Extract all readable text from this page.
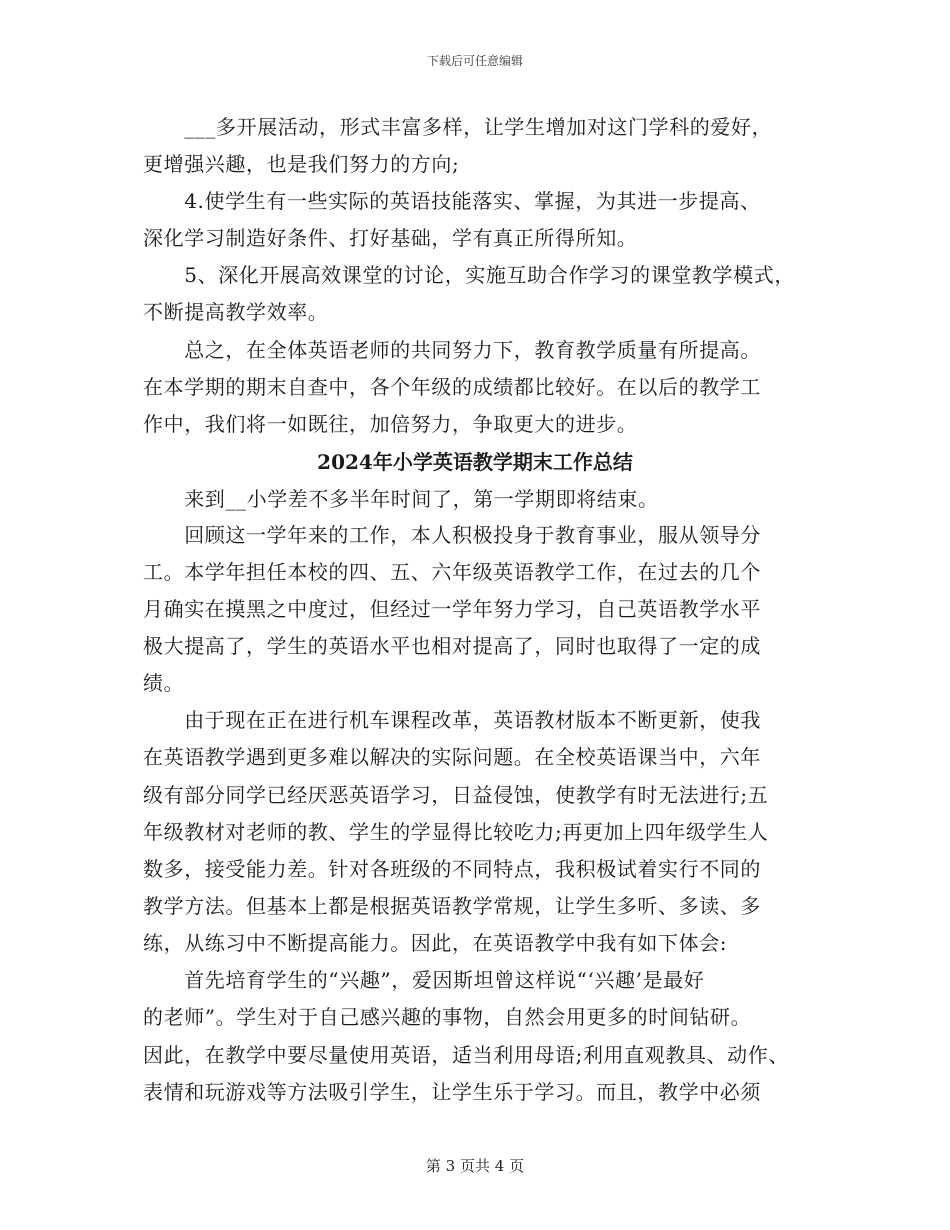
下载后可任意编辑
　　___多开展活动，形式丰富多样，让学生增加对这门学科的爱好，
更增强兴趣，也是我们努力的方向;
　　4.使学生有一些实际的英语技能落实、掌握，为其进一步提高、
深化学习制造好条件、打好基础，学有真正所得所知。
　　5、深化开展高效课堂的讨论，实施互助合作学习的课堂教学模式，
不断提高教学效率。
　　总之，在全体英语老师的共同努力下，教育教学质量有所提高。
在本学期的期末自查中，各个年级的成绩都比较好。在以后的教学工
作中，我们将一如既往，加倍努力，争取更大的进步。
2024年小学英语教学期末工作总结
　　来到__小学差不多半年时间了，第一学期即将结束。
　　回顾这一学年来的工作，本人积极投身于教育事业，服从领导分
工。本学年担任本校的四、五、六年级英语教学工作，在过去的几个
月确实在摸黑之中度过，但经过一学年努力学习，自己英语教学水平
极大提高了，学生的英语水平也相对提高了，同时也取得了一定的成
绩。
　　由于现在正在进行机车课程改革，英语教材版本不断更新，使我
在英语教学遇到更多难以解决的实际问题。在全校英语课当中，六年
级有部分同学已经厌恶英语学习，日益侵蚀，使教学有时无法进行;五
年级教材对老师的教、学生的学显得比较吃力;再更加上四年级学生人
数多，接受能力差。针对各班级的不同特点，我积极试着实行不同的
教学方法。但基本上都是根据英语教学常规，让学生多听、多读、多
练，从练习中不断提高能力。因此，在英语教学中我有如下体会:
　　首先培育学生的“兴趣”，爱因斯坦曾这样说“‘兴趣’是最好
的老师”。学生对于自己感兴趣的事物，自然会用更多的时间钻研。
因此，在教学中要尽量使用英语，适当利用母语;利用直观教具、动作、
表情和玩游戏等方法吸引学生，让学生乐于学习。而且，教学中必须
第 3 页共 4 页
